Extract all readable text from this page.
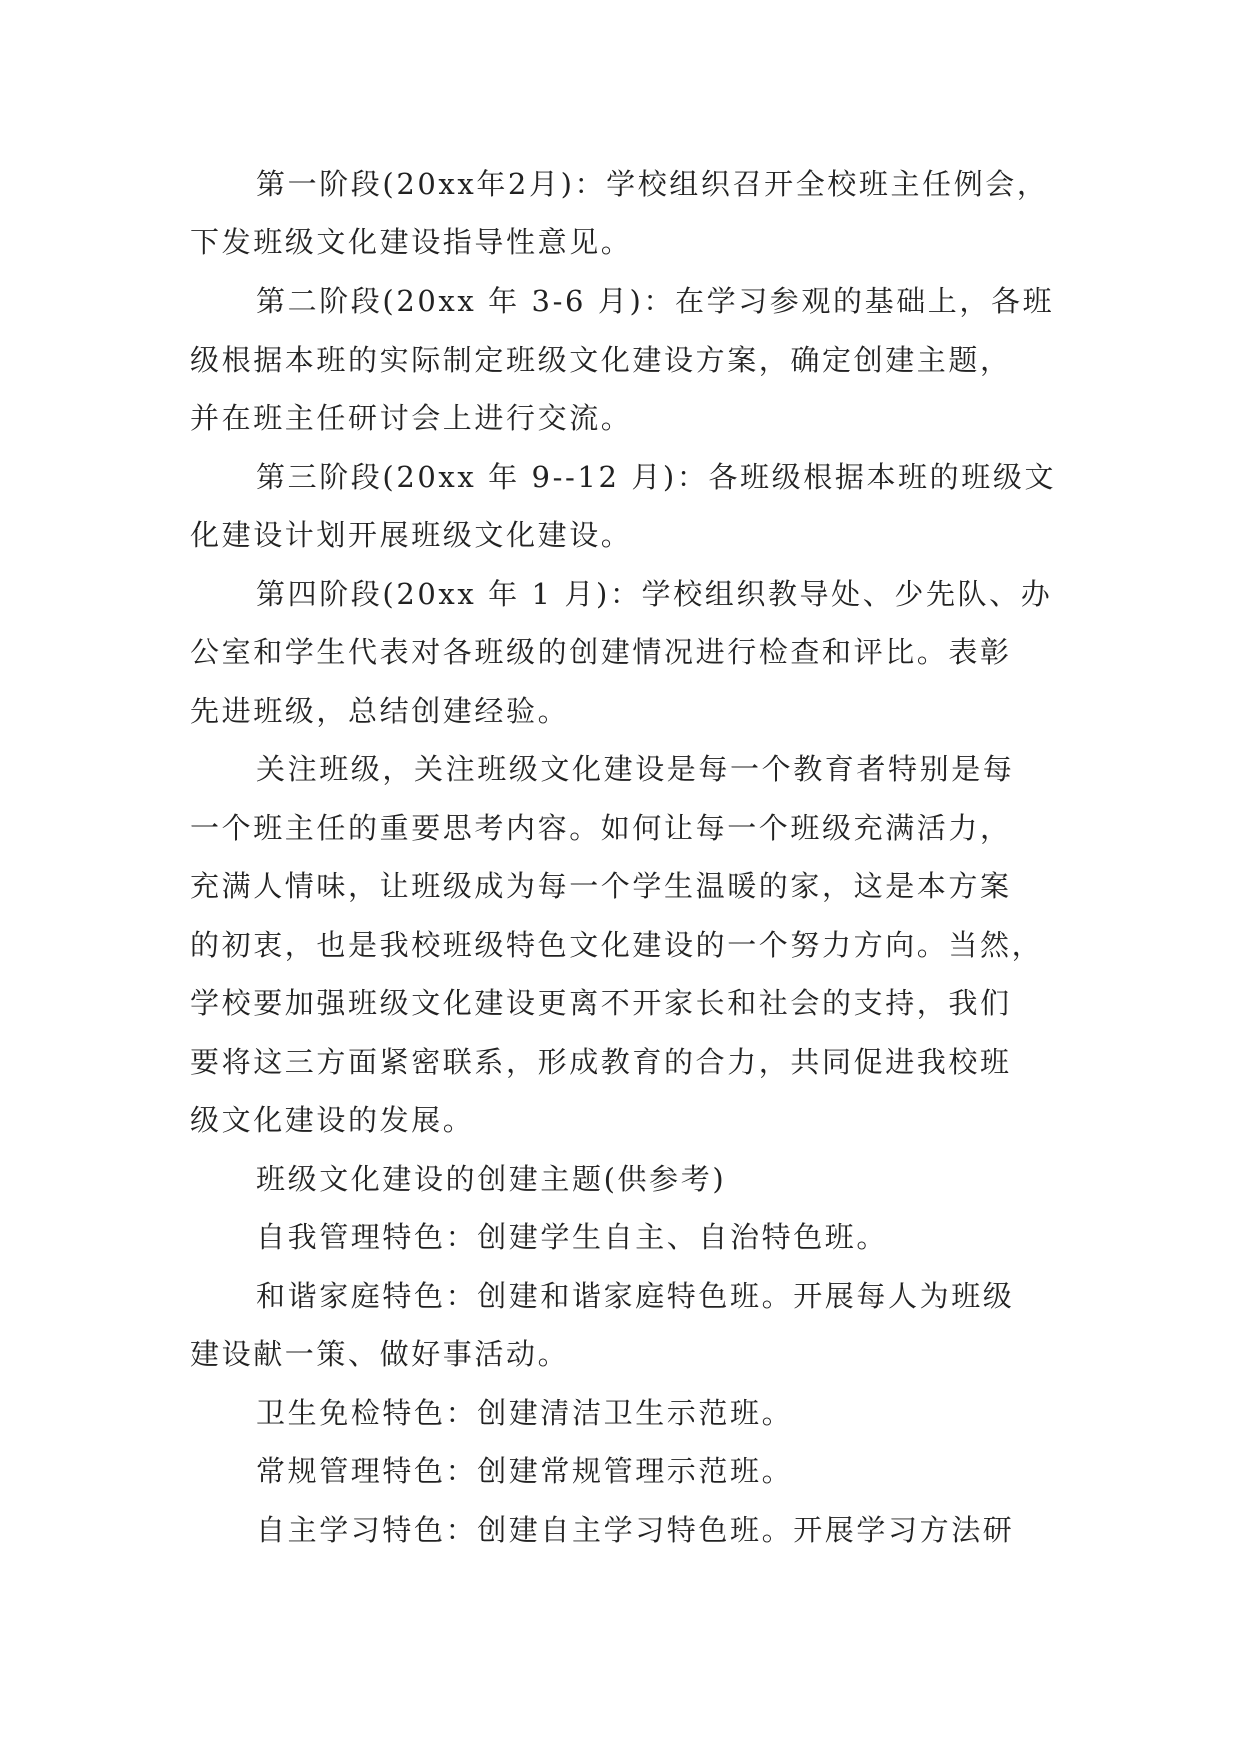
第一阶段(20xx年2月)：学校组织召开全校班主任例会，
下发班级文化建设指导性意见。
第二阶段(20xx 年 3-6 月)：在学习参观的基础上，各班
级根据本班的实际制定班级文化建设方案，确定创建主题，
并在班主任研讨会上进行交流。
第三阶段(20xx 年 9--12 月)：各班级根据本班的班级文
化建设计划开展班级文化建设。
第四阶段(20xx 年 1 月)：学校组织教导处、少先队、办
公室和学生代表对各班级的创建情况进行检查和评比。表彰
先进班级，总结创建经验。
关注班级，关注班级文化建设是每一个教育者特别是每
一个班主任的重要思考内容。如何让每一个班级充满活力，
充满人情味，让班级成为每一个学生温暖的家，这是本方案
的初衷，也是我校班级特色文化建设的一个努力方向。当然，
学校要加强班级文化建设更离不开家长和社会的支持，我们
要将这三方面紧密联系，形成教育的合力，共同促进我校班
级文化建设的发展。
班级文化建设的创建主题(供参考)
自我管理特色：创建学生自主、自治特色班。
和谐家庭特色：创建和谐家庭特色班。开展每人为班级
建设献一策、做好事活动。
卫生免检特色：创建清洁卫生示范班。
常规管理特色：创建常规管理示范班。
自主学习特色：创建自主学习特色班。开展学习方法研
